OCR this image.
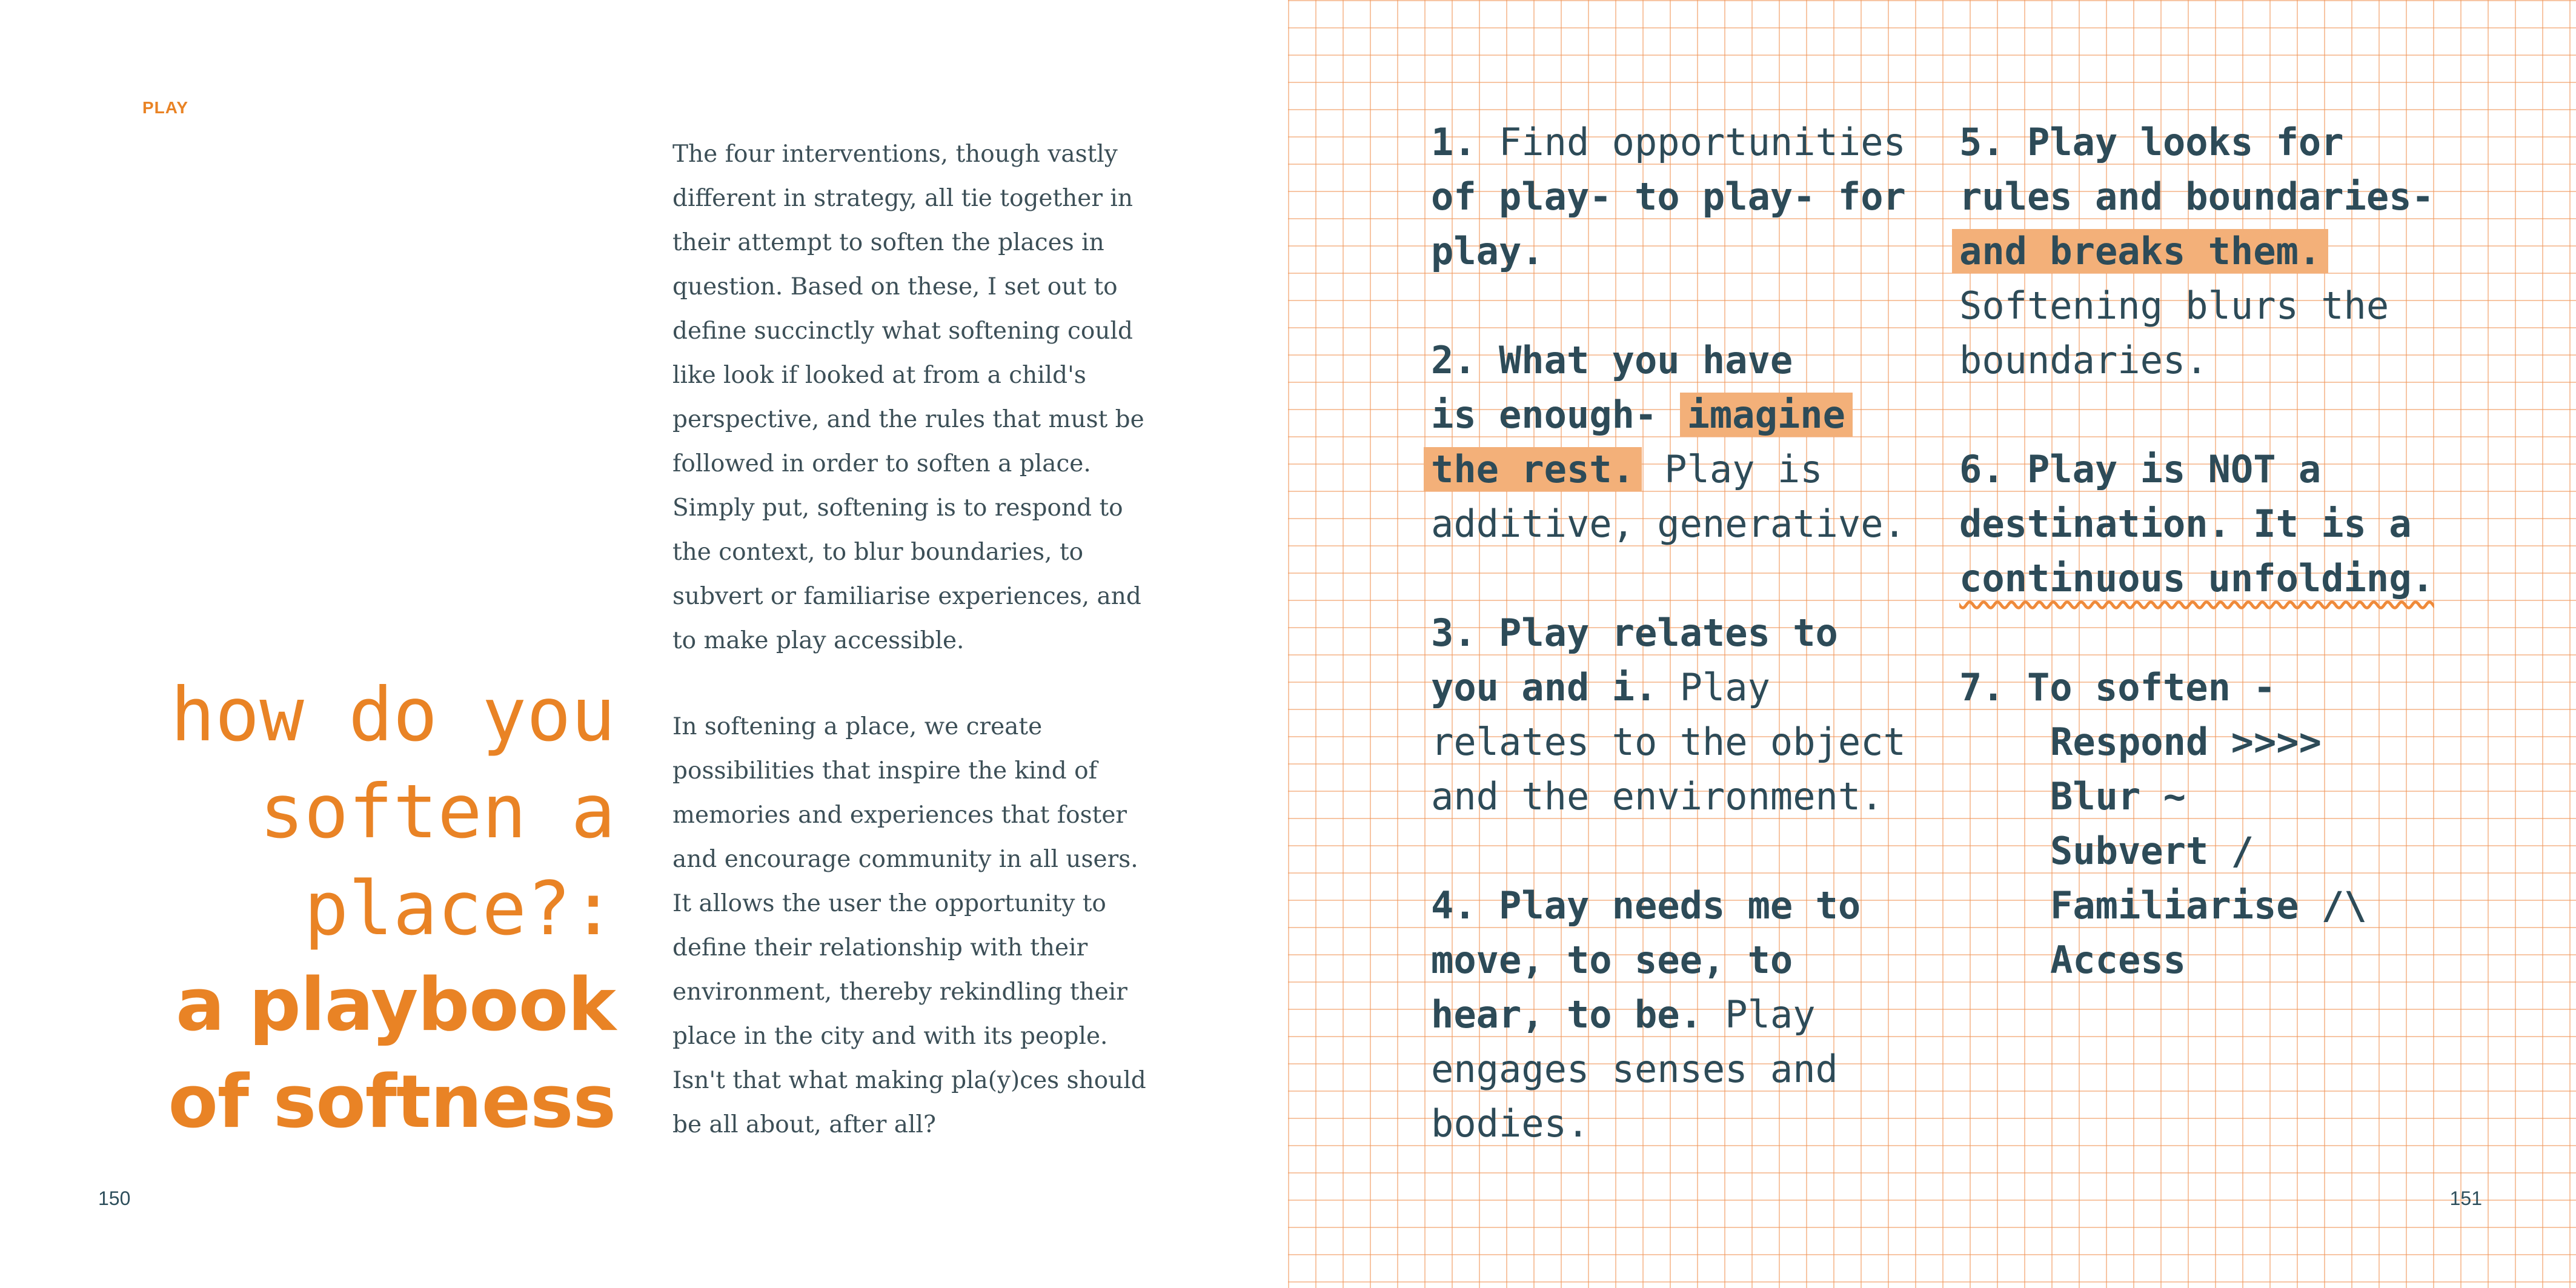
PLAY
how do you
soften a
place?:
a playbook
of softness

The four interventions, though vastly different in strategy, all tie together in their attempt to soften the places in question. Based on these, I set out to define succinctly what softening could like look if looked at from a child's perspective, and the rules that must be followed in order to soften a place. Simply put, softening is to respond to the context, to blur boundaries, to subvert or familiarise experiences, and to make play accessible.

In softening a place, we create possibilities that inspire the kind of memories and experiences that foster and encourage community in all users. It allows the user the opportunity to define their relationship with their environment, thereby rekindling their place in the city and with its people. Isn't that what making pla(y)ces should be all about, after all?

150	151
1. Find opportunities
of play- to play- for
play.
2. What you have
is enough- imagine
the rest. Play is
additive, generative.
3. Play relates to
you and i. Play
relates to the object
and the environment.
4. Play needs me to
move, to see, to
hear, to be. Play
engages senses and
bodies.
5. Play looks for
rules and boundaries-
and breaks them.
Softening blurs the
boundaries.
6. Play is NOT a
destination. It is a
continuous unfolding.
7. To soften -
Respond >>>>
Blur ~
Subvert /
Familiarise /\
Access
